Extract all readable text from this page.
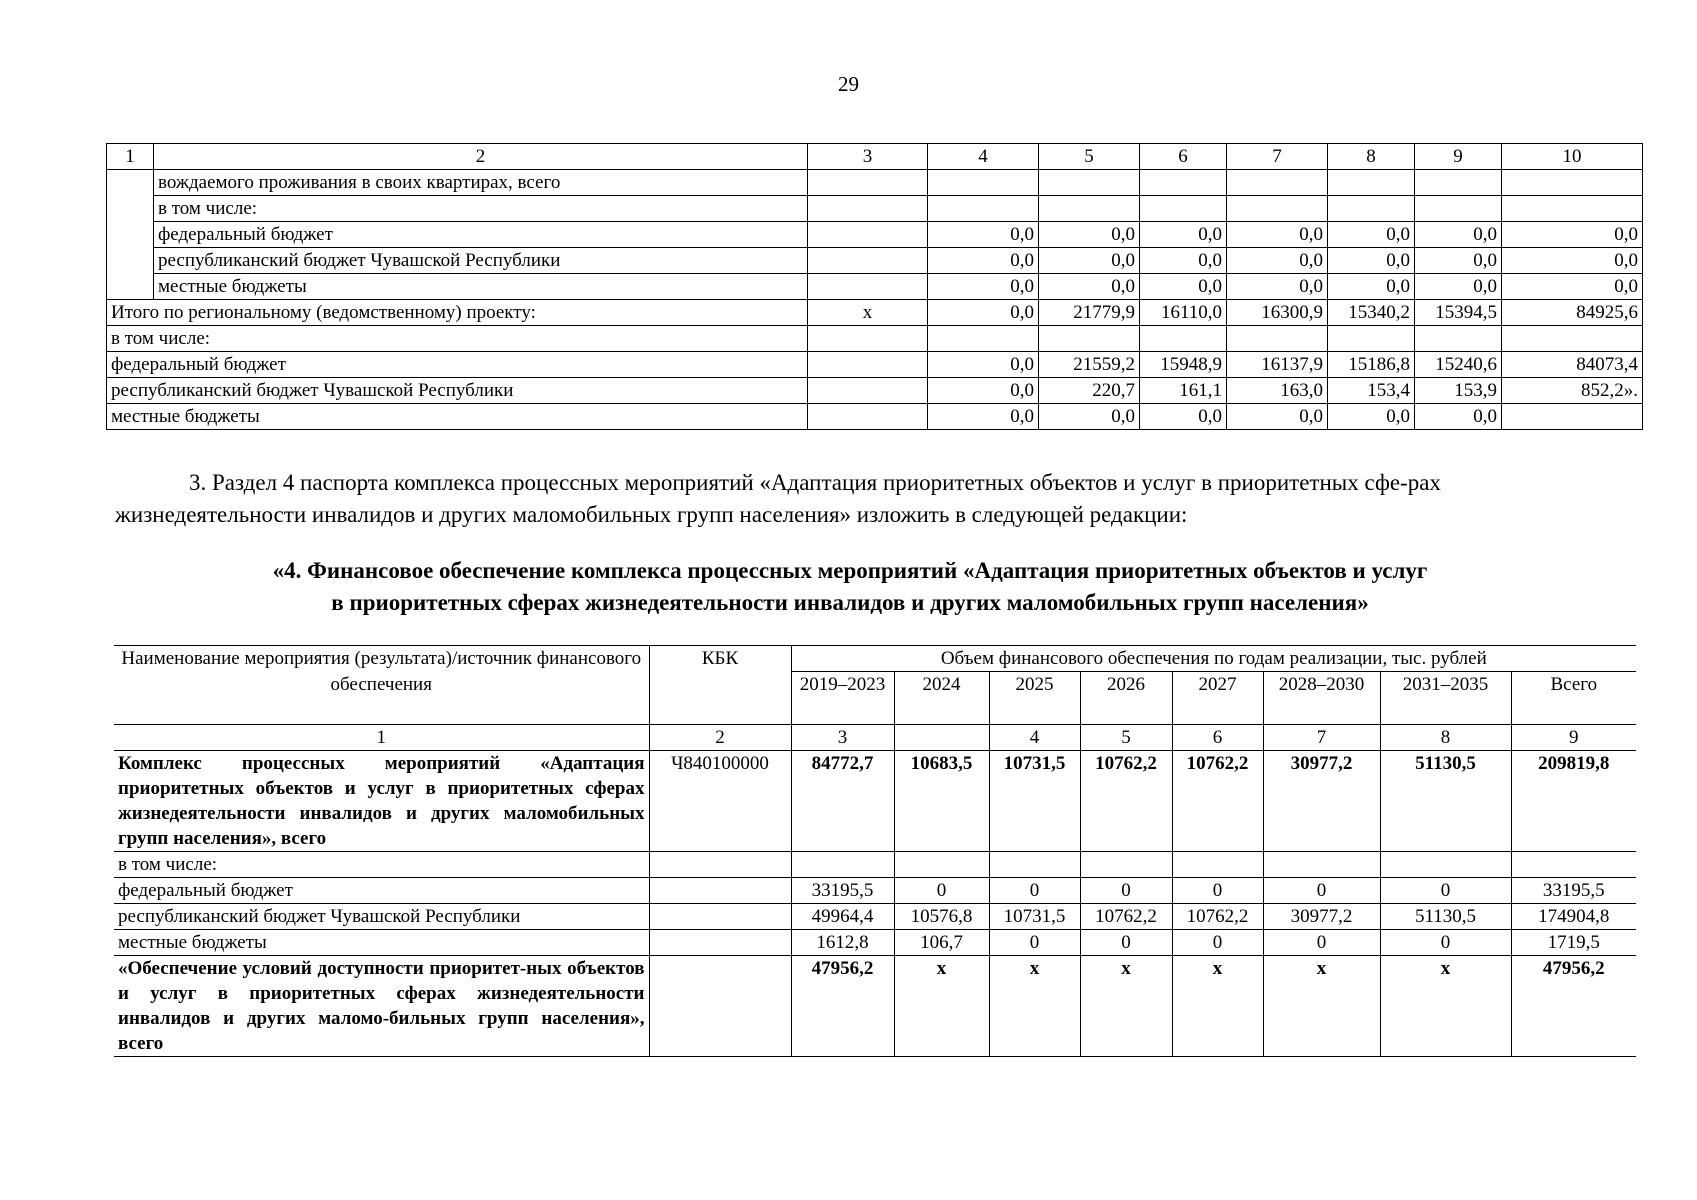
29
1	2	3	4	5	6	7	8	9	10
	вождаемого проживания в своих квартирах, всего								
	в том числе:								
	федеральный бюджет		0,0	0,0	0,0	0,0	0,0	0,0	0,0
	республиканский бюджет Чувашской Республики		0,0	0,0	0,0	0,0	0,0	0,0	0,0
	местные бюджеты		0,0	0,0	0,0	0,0	0,0	0,0	0,0
Итого по региональному (ведомственному) проекту:		x	0,0	21779,9	16110,0	16300,9	15340,2	15394,5	84925,6
в том числе:									
федеральный бюджет			0,0	21559,2	15948,9	16137,9	15186,8	15240,6	84073,4
республиканский бюджет Чувашской Республики			0,0	220,7	161,1	163,0	153,4	153,9	852,2».
местные бюджеты			0,0	0,0	0,0	0,0	0,0	0,0	
3. Раздел 4 паспорта комплекса процессных мероприятий «Адаптация приоритетных объектов и услуг в приоритетных сфе-рах жизнедеятельности инвалидов и других маломобильных групп населения» изложить в следующей редакции:
«4. Финансовое обеспечение комплекса процессных мероприятий «Адаптация приоритетных объектов и услуг
в приоритетных сферах жизнедеятельности инвалидов и других маломобильных групп населения»
Наименование мероприятия (результата)/источник финансового обеспечения	КБК	Объем финансового обеспечения по годам реализации, тыс. рублей							
		2019–2023	2024	2025	2026	2027	2028–2030	2031–2035	Всего
1	2	3		4	5	6	7	8	9
Комплекс процессных мероприятий «Адаптация приоритетных объектов и услуг в приоритетных сферах жизнедеятельности инвалидов и других маломобильных групп населения», всего	Ч840100000	84772,7	10683,5	10731,5	10762,2	10762,2	30977,2	51130,5	209819,8
в том числе:									
федеральный бюджет		33195,5	0	0	0	0	0	0	33195,5
республиканский бюджет Чувашской Республики		49964,4	10576,8	10731,5	10762,2	10762,2	30977,2	51130,5	174904,8
местные бюджеты		1612,8	106,7	0	0	0	0	0	1719,5
«Обеспечение условий доступности приоритет-ных объектов и услуг в приоритетных сферах жизнедеятельности инвалидов и других маломо-бильных групп населения», всего		47956,2	x	x	x	x	x	x	47956,2
